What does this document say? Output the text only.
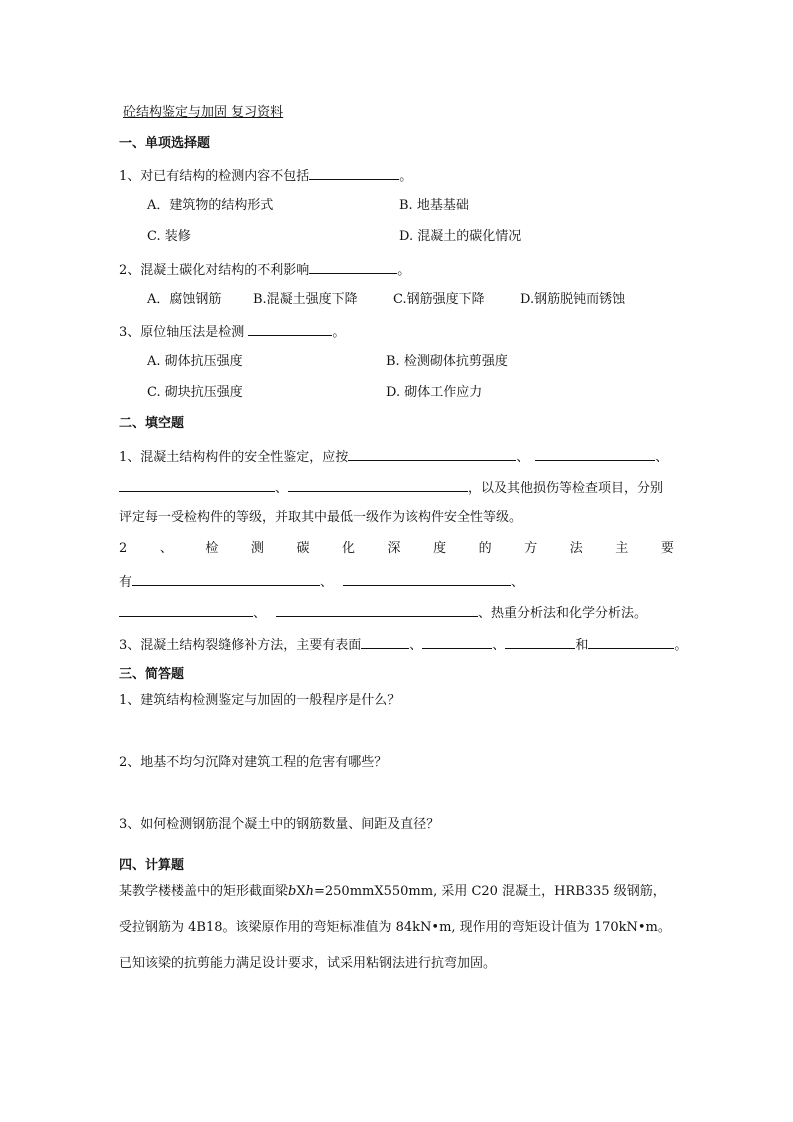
砼结构鉴定与加固 复习资料
一、单项选择题
1、对已有结构的检测内容不包括	。
A．建筑物的结构形式	B. 地基基础
C. 装修	D. 混凝土的碳化情况
2、混凝土碳化对结构的不利影响	。
A．腐蚀钢筋 B.混凝土强度下降	C.钢筋强度下降	D.钢筋脱钝而锈蚀
3、原位轴压法是检测	。
A. 砌体抗压强度	B. 检测砌体抗剪强度
C. 砌块抗压强度	D. 砌体工作应力
二、填空题
1、混凝土结构构件的安全性鉴定，应按	、	、
、	，以及其他损伤等检查项目，分别
评定每一受检构件的等级，并取其中最低一级作为该构件安全性等级。
2	、	检	测	碳	化	深	度	的	方	法	主	要
有	、	、
、	、热重分析法和化学分析法。
3、混凝土结构裂缝修补方法，主要有表面	、	、	和	。
三、简答题
1、建筑结构检测鉴定与加固的一般程序是什么？
2、地基不均匀沉降对建筑工程的危害有哪些？
3、如何检测钢筋混个凝土中的钢筋数量、间距及直径？
四、计算题
某教学楼楼盖中的矩形截面梁bXh=250mmX550mm, 采用 C20 混凝土，HRB335 级钢筋，
受拉钢筋为 4B18。该梁原作用的弯矩标准值为 84kN•m, 现作用的弯矩设计值为 170kN•m。
已知该梁的抗剪能力满足设计要求，试采用粘钢法进行抗弯加固。
